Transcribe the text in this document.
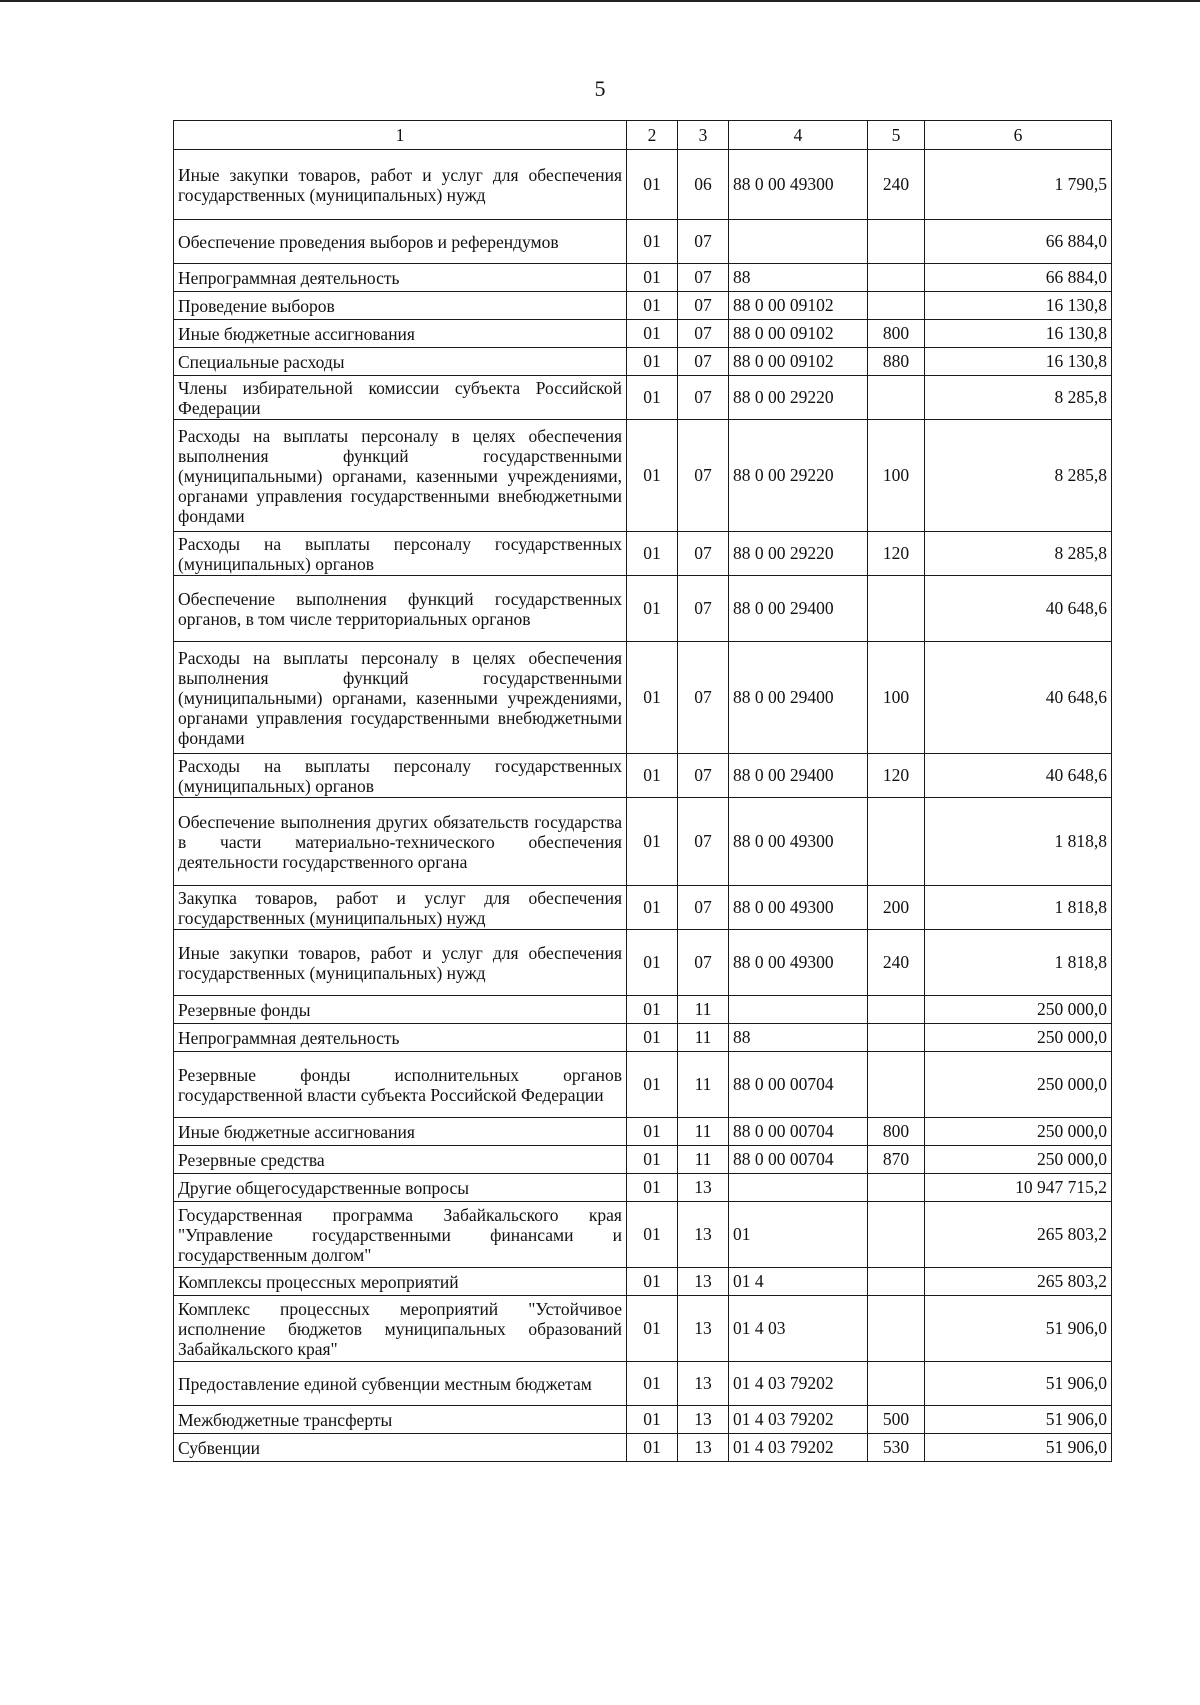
5
1	2	3	4	5	6
Иные закупки товаров, работ и услуг для обеспечения государственных (муниципальных) нужд	01	06	88 0 00 49300	240	1 790,5
Обеспечение проведения выборов и референдумов	01	07			66 884,0
Непрограммная деятельность	01	07	88		66 884,0
Проведение выборов	01	07	88 0 00 09102		16 130,8
Иные бюджетные ассигнования	01	07	88 0 00 09102	800	16 130,8
Специальные расходы	01	07	88 0 00 09102	880	16 130,8
Члены избирательной комиссии субъекта Российской Федерации	01	07	88 0 00 29220		8 285,8
Расходы на выплаты персоналу в целях обеспечения выполнения функций государственными (муниципальными) органами, казенными учреждениями, органами управления государственными внебюджетными фондами	01	07	88 0 00 29220	100	8 285,8
Расходы на выплаты персоналу государственных (муниципальных) органов	01	07	88 0 00 29220	120	8 285,8
Обеспечение выполнения функций государственных органов, в том числе территориальных органов	01	07	88 0 00 29400		40 648,6
Расходы на выплаты персоналу в целях обеспечения выполнения функций государственными (муниципальными) органами, казенными учреждениями, органами управления государственными внебюджетными фондами	01	07	88 0 00 29400	100	40 648,6
Расходы на выплаты персоналу государственных (муниципальных) органов	01	07	88 0 00 29400	120	40 648,6
Обеспечение выполнения других обязательств государства в части материально-технического обеспечения деятельности государственного органа	01	07	88 0 00 49300		1 818,8
Закупка товаров, работ и услуг для обеспечения государственных (муниципальных) нужд	01	07	88 0 00 49300	200	1 818,8
Иные закупки товаров, работ и услуг для обеспечения государственных (муниципальных) нужд	01	07	88 0 00 49300	240	1 818,8
Резервные фонды	01	11			250 000,0
Непрограммная деятельность	01	11	88		250 000,0
Резервные фонды исполнительных органов государственной власти субъекта Российской Федерации	01	11	88 0 00 00704		250 000,0
Иные бюджетные ассигнования	01	11	88 0 00 00704	800	250 000,0
Резервные средства	01	11	88 0 00 00704	870	250 000,0
Другие общегосударственные вопросы	01	13			10 947 715,2
Государственная программа Забайкальского края "Управление государственными финансами и государственным долгом"	01	13	01		265 803,2
Комплексы процессных мероприятий	01	13	01 4		265 803,2
Комплекс процессных мероприятий "Устойчивое исполнение бюджетов муниципальных образований Забайкальского края"	01	13	01 4 03		51 906,0
Предоставление единой субвенции местным бюджетам	01	13	01 4 03 79202		51 906,0
Межбюджетные трансферты	01	13	01 4 03 79202	500	51 906,0
Субвенции	01	13	01 4 03 79202	530	51 906,0
